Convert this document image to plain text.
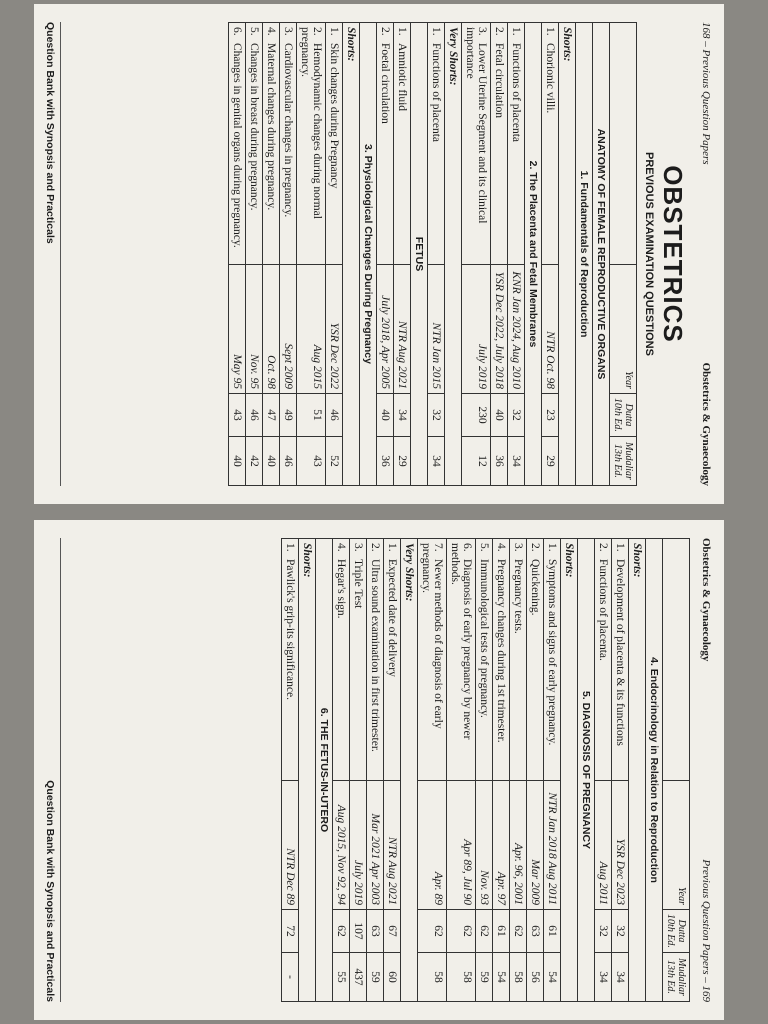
168 – Previous Question Papers
Obstetrics & Gynaecology
OBSTETRICS
PREVIOUS EXAMINATION QUESTIONS
	Year	Dutta 10th Ed.	Mudaliar 13th Ed.
ANATOMY OF FEMALE REPRODUCTIVE ORGANS			
1. Fundamentals of Reproduction			
Shorts:			
1.Chorionic villi.	NTR Oct. 98	23	29
2. The Placenta and Fetal Membranes			
1.Functions of placenta	KNR Jan 2024, Aug 2010	32	34
2.Fetal circulation	YSR Dec 2022, July 2018	40	36
3.Lower Uterine Segment and its clinical importance	July 2019	230	12
Very Shorts:			
1.Functions of placenta	NTR Jan 2015	32	34
FETUS			
1.Amniotic fluid	NTR Aug 2021	34	29
2.Foetal circulation	July 2018, Apr 2005	40	36
3. Physiological Changes During Pregnancy			
Shorts:			
1.Skin changes during Pregnancy	YSR Dec 2022	46	52
2.Hemodynamic changes during normal pregnancy.	Aug 2015	51	43
3.Cardiovascular changes in pregnancy.	Sept 2009	49	46
4.Maternal changes during pregnancy.	Oct. 98	47	40
5.Changes in breast during pregnancy.	Nov. 95	46	42
6.Changes in genital organs during pregnancy.	May 95	43	40
Question Bank with Synopsis and Practicals
Obstetrics & Gynaecology
Previous Question Papers – 169
	Year	Dutta 10th Ed.	Mudaliar 13th Ed.
4. Endocrinology in Relation to Reproduction			
Shorts:			
1.Development of placenta & its functions	YSR Dec 2023	32	34
2.Functions of placenta.	Aug 2011	32	34
5. DIAGNOSIS OF PREGNANCY			
Shorts:			
1.Symptoms and signs of early pregnancy.	NTR Jan 2018 Aug 2011	61	54
2.Quickening.	Mar 2009	63	56
3.Pregnancy tests.	Apr. 96, 2001	62	58
4.Pregnancy changes during 1st trimester.	Apr. 97	61	54
5.Immunological tests of pregnancy.	Nov. 93	62	59
6.Diagnosis of early pregnancy by newer methods.	Apr 89, Jul 90	62	58
7.Newer methods of diagnosis of early pregnancy.	Apr. 89	62	58
Very Shorts:			
1.Expected date of delivery	NTR Aug 2021	67	60
2.Ultra sound examination in first trimester.	Mar 2021 Apr 2003	63	59
3.Triple Test	July 2019	107	437
4.Hegar's sign.	Aug 2015, Nov 92, 94	62	55
6. THE FETUS-IN-UTERO			
Shorts:			
1.Pawlick's grip-its significance.	NTR Dec 89	72	-
Question Bank with Synopsis and Practicals
